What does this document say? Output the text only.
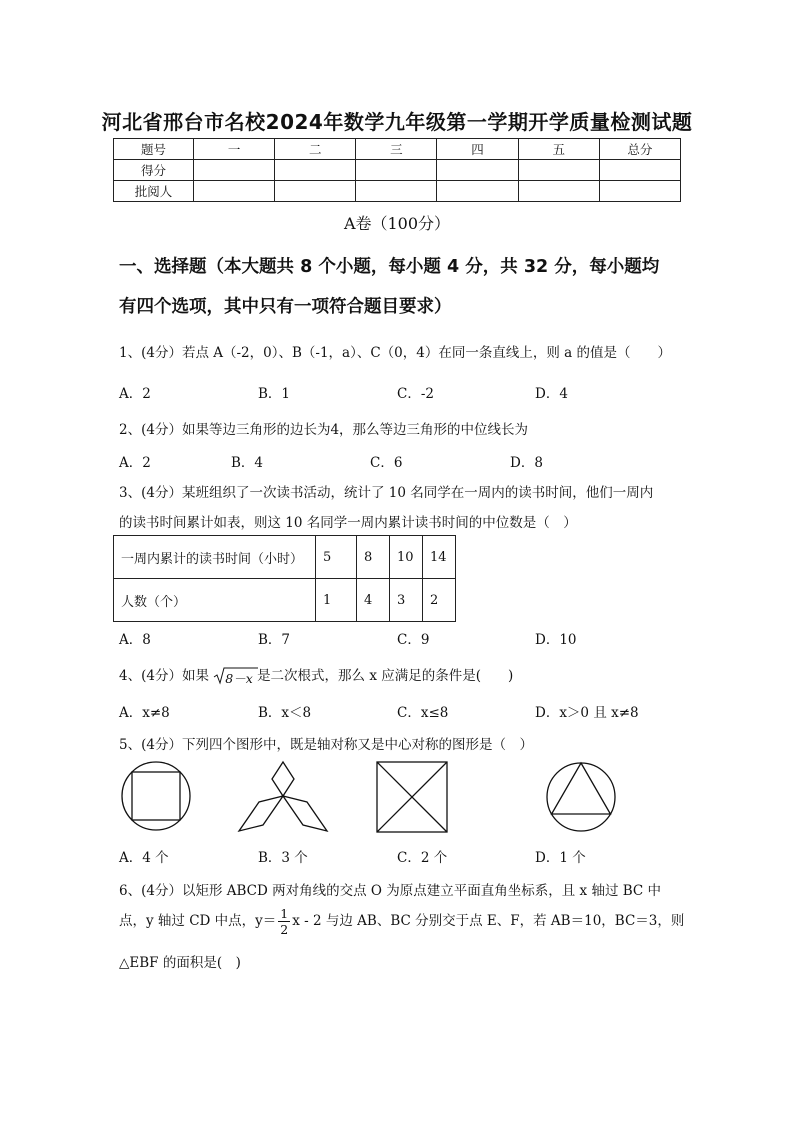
河北省邢台市名校2024年数学九年级第一学期开学质量检测试题
题号	一	二	三	四	五	总分
得分						
批阅人						
A卷（100分）
一、选择题（本大题共 8 个小题，每小题 4 分，共 32 分，每小题均
有四个选项，其中只有一项符合题目要求）
1、(4分）若点 A（-2，0）、B（-1，a）、C（0，4）在同一条直线上，则 a 的值是（　　）
A．2	B．1	C．-2	D．4
2、(4分）如果等边三角形的边长为4，那么等边三角形的中位线长为
A．2	B．4	C．6	D．8
3、(4分）某班组织了一次读书活动，统计了 10 名同学在一周内的读书时间，他们一周内
的读书时间累计如表，则这 10 名同学一周内累计读书时间的中位数是（　）
一周内累计的读书时间（小时）	5	8	10	14
人数（个）	1	4	3	2
A．8	B．7	C．9	D．10
4、(4分）如果 8－x 是二次根式，那么 x 应满足的条件是(　　)
A．x≠8	B．x＜8	C．x≤8	D．x＞0 且 x≠8
5、(4分）下列四个图形中，既是轴对称又是中心对称的图形是（　）
A．4 个	B．3 个	C．2 个	D．1 个
6、(4分）以矩形 ABCD 两对角线的交点 O 为原点建立平面直角坐标系，且 x 轴过 BC 中
点，y 轴过 CD 中点，$y= \frac{1}{2}$ x - 2 与边 AB、BC 分别交于点 E、F，若 AB＝10，BC＝3，则
△EBF 的面积是(　)
